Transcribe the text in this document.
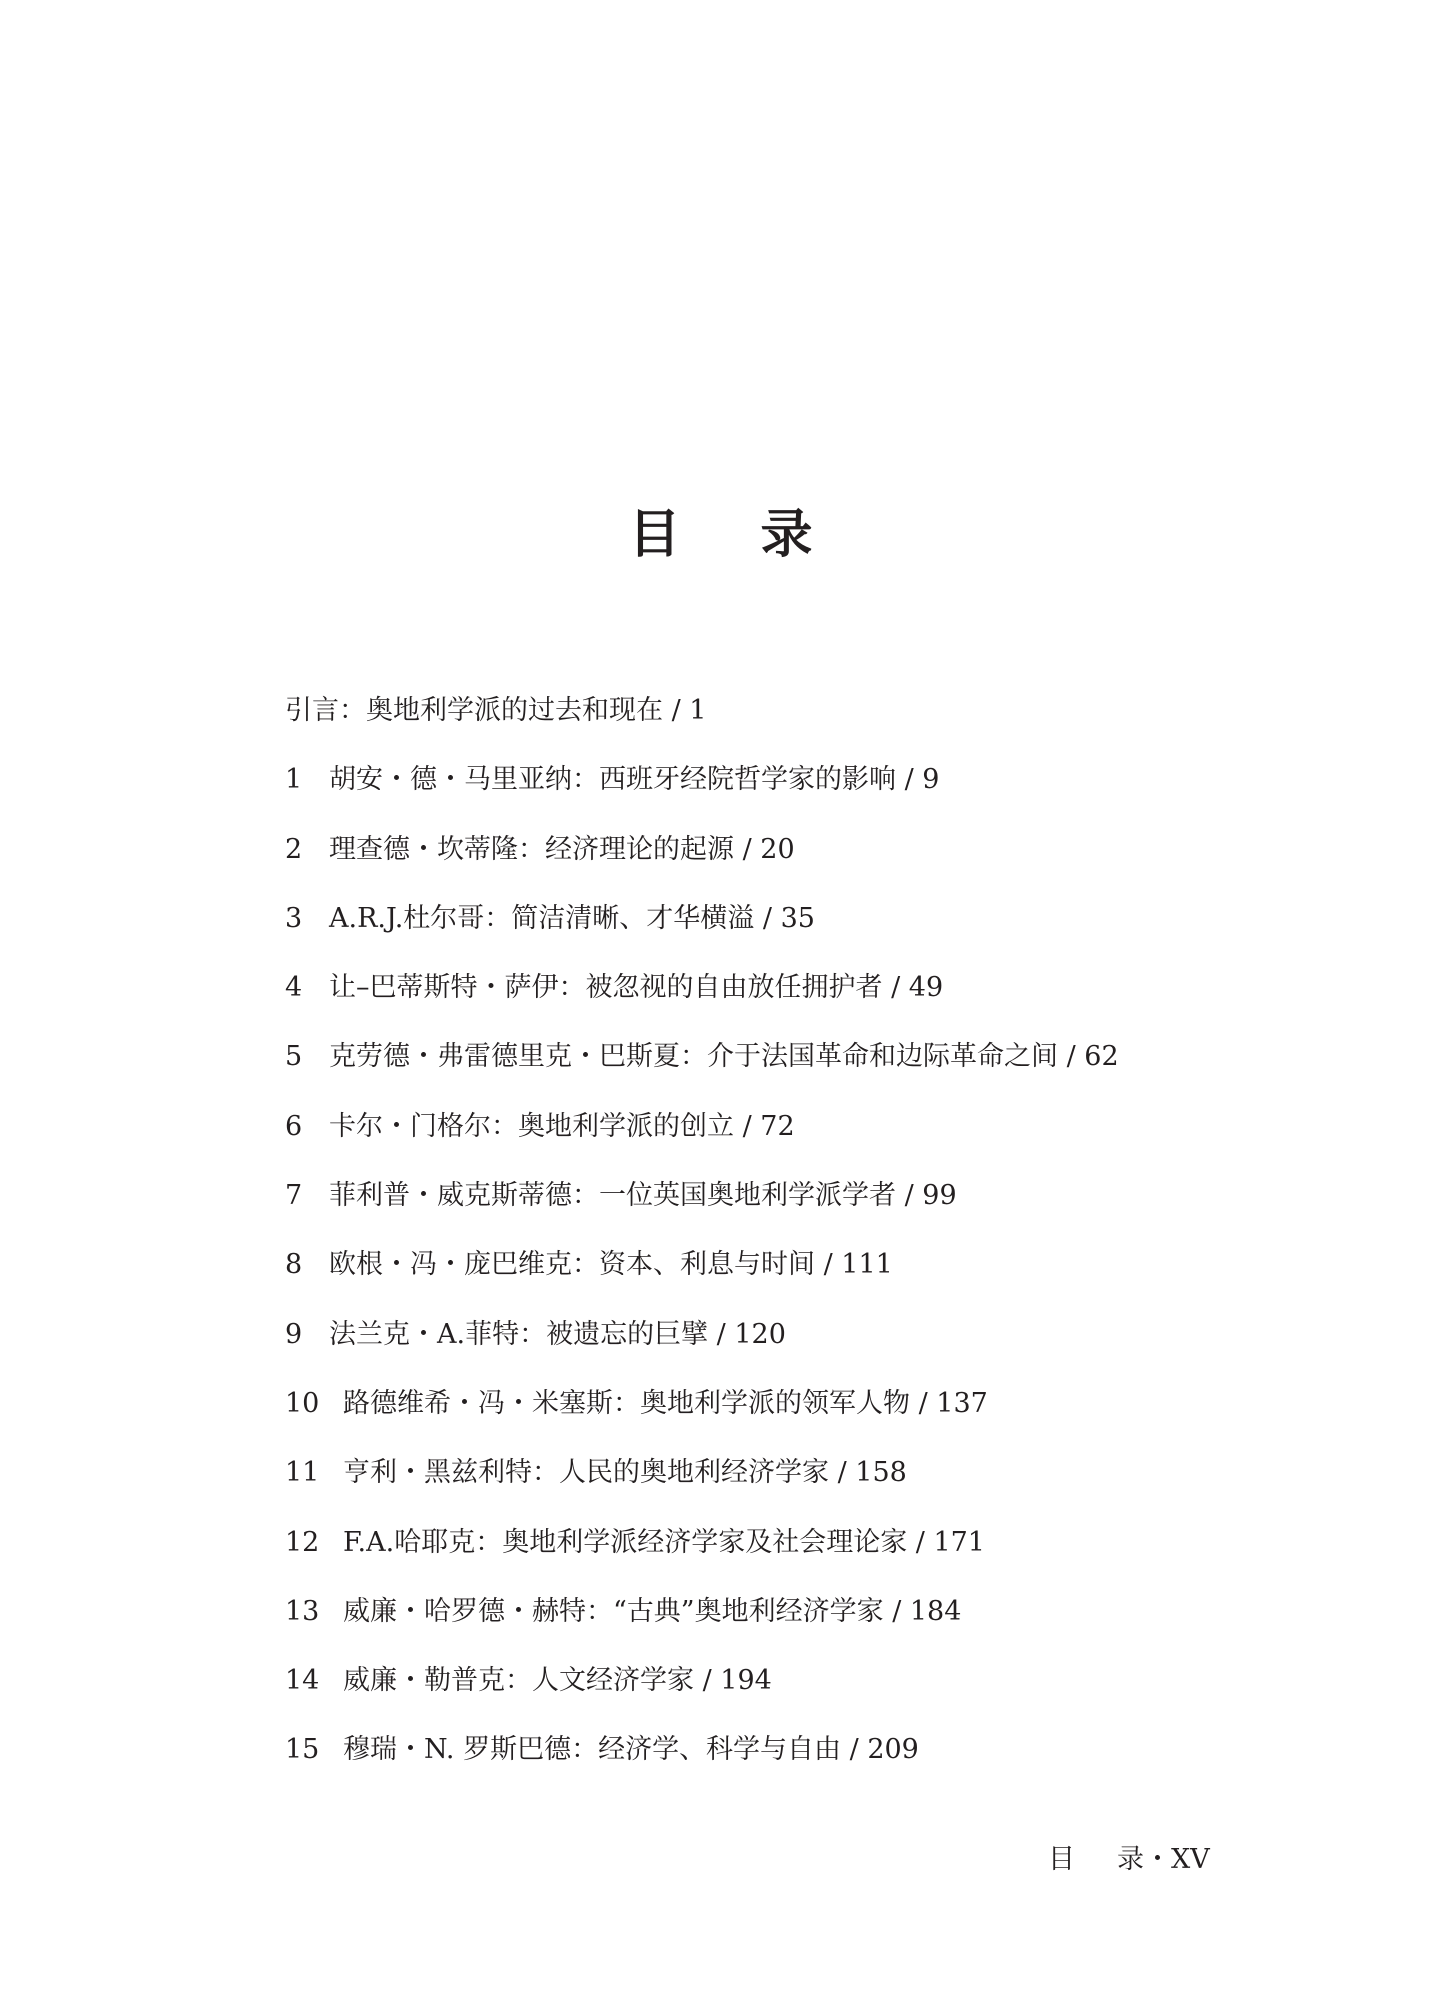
目 录
引言：奥地利学派的过去和现在 / 1
1 胡安・德・马里亚纳：西班牙经院哲学家的影响 / 9
2 理查德・坎蒂隆：经济理论的起源 / 20
3 A.R.J.杜尔哥：简洁清晰、才华横溢 / 35
4 让–巴蒂斯特・萨伊：被忽视的自由放任拥护者 / 49
5 克劳德・弗雷德里克・巴斯夏：介于法国革命和边际革命之间 / 62
6 卡尔・门格尔：奥地利学派的创立 / 72
7 菲利普・威克斯蒂德：一位英国奥地利学派学者 / 99
8 欧根・冯・庞巴维克：资本、利息与时间 / 111
9 法兰克・A.菲特：被遗忘的巨擘 / 120
10 路德维希・冯・米塞斯：奥地利学派的领军人物 / 137
11 亨利・黑兹利特：人民的奥地利经济学家 / 158
12 F.A.哈耶克：奥地利学派经济学家及社会理论家 / 171
13 威廉・哈罗德・赫特：“古典”奥地利经济学家 / 184
14 威廉・勒普克：人文经济学家 / 194
15 穆瑞・N. 罗斯巴德：经济学、科学与自由 / 209
目 录・XV
